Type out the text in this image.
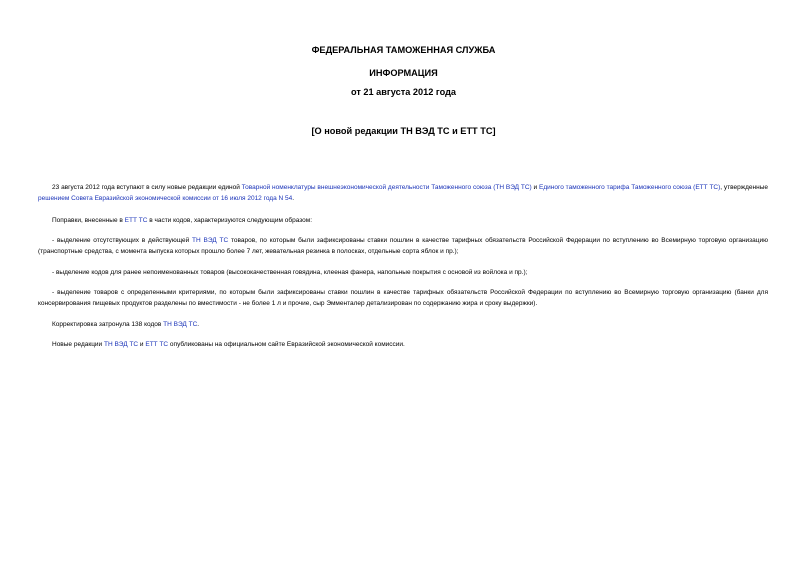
ФЕДЕРАЛЬНАЯ ТАМОЖЕННАЯ СЛУЖБА
ИНФОРМАЦИЯ
от 21 августа 2012 года
[О новой редакции ТН ВЭД ТС и ЕТТ ТС]
23 августа 2012 года вступают в силу новые редакции единой Товарной номенклатуры внешнеэкономической деятельности Таможенного союза (ТН ВЭД ТС) и Единого таможенного тарифа Таможенного союза (ЕТТ ТС), утвержденные решением Совета Евразийской экономической комиссии от 16 июля 2012 года N 54.
Поправки, внесенные в ЕТТ ТС в части кодов, характеризуются следующим образом:
- выделение отсутствующих в действующей ТН ВЭД ТС товаров, по которым были зафиксированы ставки пошлин в качестве тарифных обязательств Российской Федерации по вступлению во Всемирную торговую организацию (транспортные средства, с момента выпуска которых прошло более 7 лет, жевательная резинка в полосках, отдельные сорта яблок и пр.);
- выделение кодов для ранее непоименованных товаров (высококачественная говядина, клееная фанера, напольные покрытия с основой из войлока и пр.);
- выделение товаров с определенными критериями, по которым были зафиксированы ставки пошлин в качестве тарифных обязательств Российской Федерации по вступлению во Всемирную торговую организацию (банки для консервирования пищевых продуктов разделены по вместимости - не более 1 л и прочие, сыр Эмменталер детализирован по содержанию жира и сроку выдержки).
Корректировка затронула 138 кодов ТН ВЭД ТС.
Новые редакции ТН ВЭД ТС и ЕТТ ТС опубликованы на официальном сайте Евразийской экономической комиссии.
